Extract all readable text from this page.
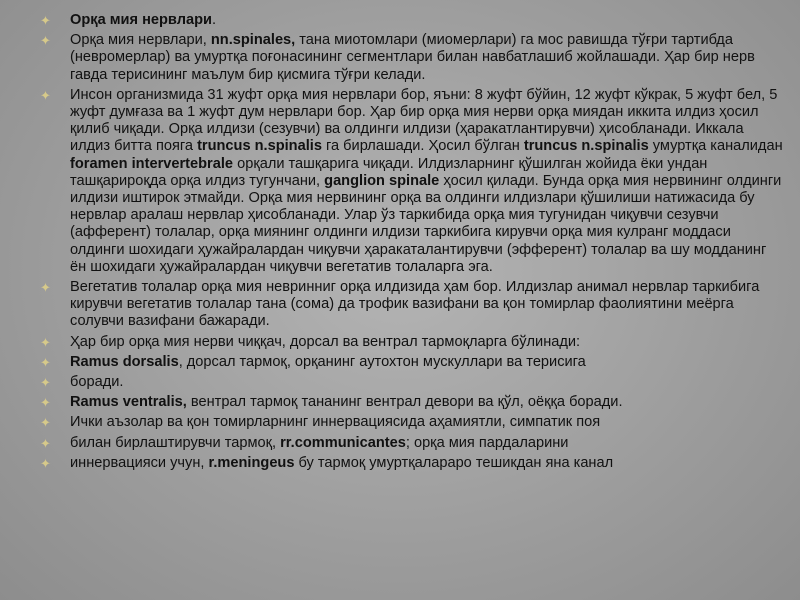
✦ Орқа мия нервлари.
✦ Орқа мия нервлари, nn.spinales, тана миотомлари (миомерлари) га мос равишда тўғри тартибда (невромерлар) ва умуртқа поғонасининг сегментлари билан навбатлашиб жойлашади. Ҳар бир нерв гавда терисининг маълум бир қисмига тўғри келади.
✦ Инсон организмида 31 жуфт орқа мия нервлари бор, яъни: 8 жуфт бўйин, 12 жуфт кўкрак, 5 жуфт бел, 5 жуфт думғаза ва 1 жуфт дум нервлари бор. Ҳар бир орқа мия нерви орқа миядан иккита илдиз ҳосил қилиб чиқади. Орқа илдизи (сезувчи) ва олдинги илдизи (ҳаракатлантирувчи) ҳисобланади. Иккала илдиз битта пояга truncus n.spinalis га бирлашади. Ҳосил бўлган truncus n.spinalis умуртқа каналидан foramen intervertebrale орқали ташқарига чиқади. Илдизларнинг қўшилган жойида ёки ундан ташқарироқда орқа илдиз тугунчани, ganglion spinale ҳосил қилади. Бунда орқа мия нервининг олдинги илдизи иштирок этмайди. Орқа мия нервининг орқа ва олдинги илдизлари қўшилиши натижасида бу нервлар аралаш нервлар ҳисобланади. Улар ўз таркибида орқа мия тугунидан чиқувчи сезувчи (афферент) толалар, орқа миянинг олдинги илдизи таркибига кирувчи орқа мия кулранг моддаси олдинги шохидаги ҳужайралардан чиқувчи ҳаракаталантирувчи (эфферент) толалар ва шу модданинг ён шохидаги ҳужайралардан чиқувчи вегетатив толаларга эга.
✦ Вегетатив толалар орқа мия невринниг орқа илдизида ҳам бор. Илдизлар анимал нервлар таркибига кирувчи вегетатив толалар тана (сома) да трофик вазифани ва қон томирлар фаолиятини меёрга солувчи вазифани бажаради.
✦ Ҳар бир орқа мия нерви чиққач, дорсал ва вентрал тармоқларга бўлинади:
✦ Ramus dorsalis, дорсал тармоқ, орқанинг аутохтон мускуллари ва терисига
✦ боради.
✦ Ramus ventralis, вентрал тармоқ тананинг вентрал девори ва қўл, оёққа боради.
✦ Ички аъзолар ва қон томирларнинг иннервациясида аҳамиятли, симпатик поя
✦ билан бирлаштирувчи тармоқ, rr.communicantes; орқа мия пардаларини
✦ иннервацияси учун, r.meningeus бу тармоқ умуртқаларaро тешикдан яна канал
